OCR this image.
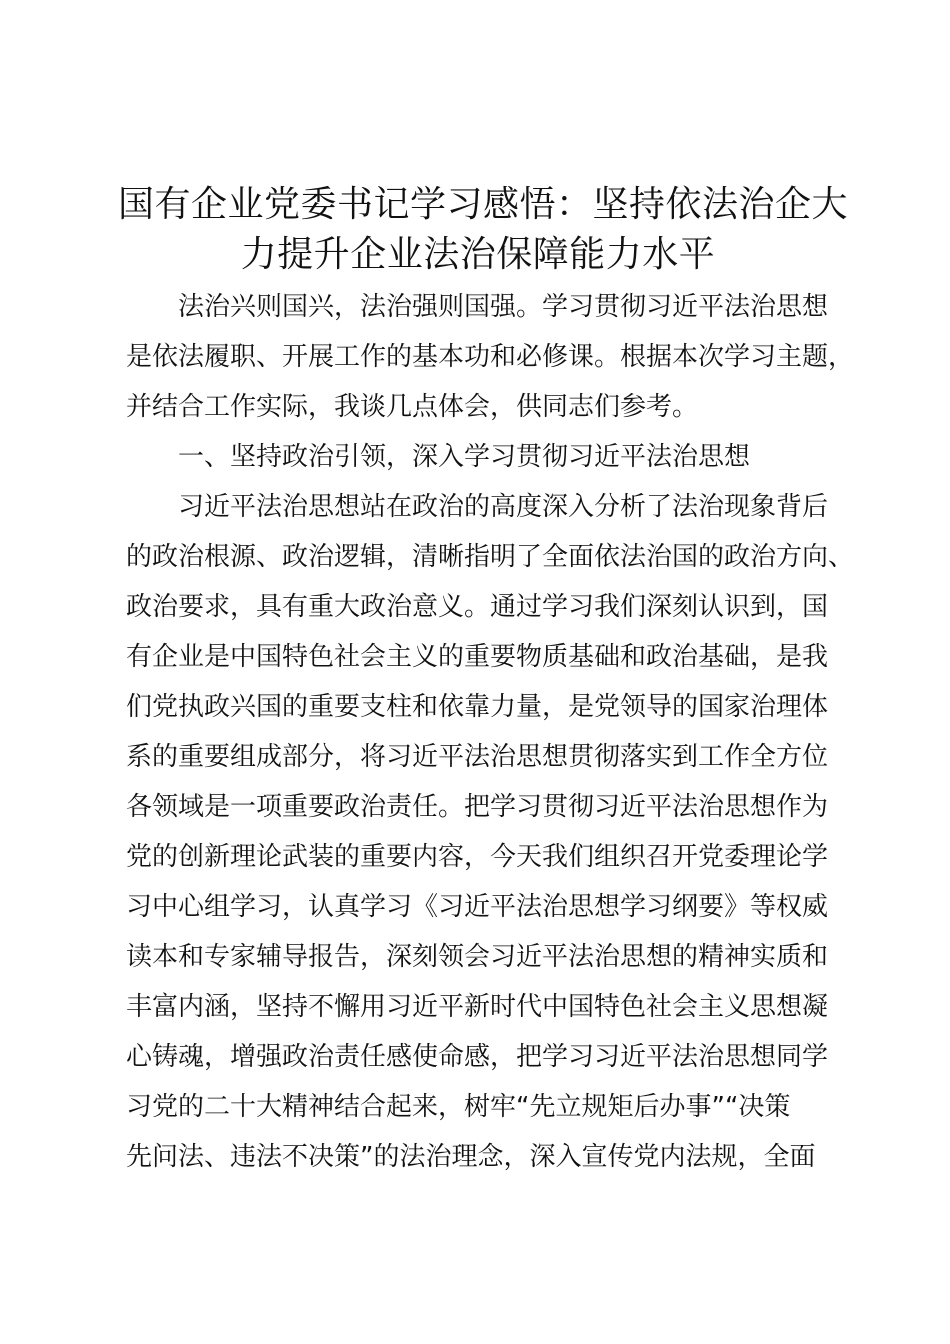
国有企业党委书记学习感悟：坚持依法治企大
力提升企业法治保障能力水平
法治兴则国兴，法治强则国强。学习贯彻习近平法治思想
是依法履职、开展工作的基本功和必修课。根据本次学习主题，
并结合工作实际，我谈几点体会，供同志们参考。
一、坚持政治引领，深入学习贯彻习近平法治思想
习近平法治思想站在政治的高度深入分析了法治现象背后
的政治根源、政治逻辑，清晰指明了全面依法治国的政治方向、
政治要求，具有重大政治意义。通过学习我们深刻认识到，国
有企业是中国特色社会主义的重要物质基础和政治基础，是我
们党执政兴国的重要支柱和依靠力量，是党领导的国家治理体
系的重要组成部分，将习近平法治思想贯彻落实到工作全方位
各领域是一项重要政治责任。把学习贯彻习近平法治思想作为
党的创新理论武装的重要内容，今天我们组织召开党委理论学
习中心组学习，认真学习《习近平法治思想学习纲要》等权威
读本和专家辅导报告，深刻领会习近平法治思想的精神实质和
丰富内涵，坚持不懈用习近平新时代中国特色社会主义思想凝
心铸魂，增强政治责任感使命感，把学习习近平法治思想同学
习党的二十大精神结合起来，树牢“先立规矩后办事”“决策
先问法、违法不决策”的法治理念，深入宣传党内法规，全面
